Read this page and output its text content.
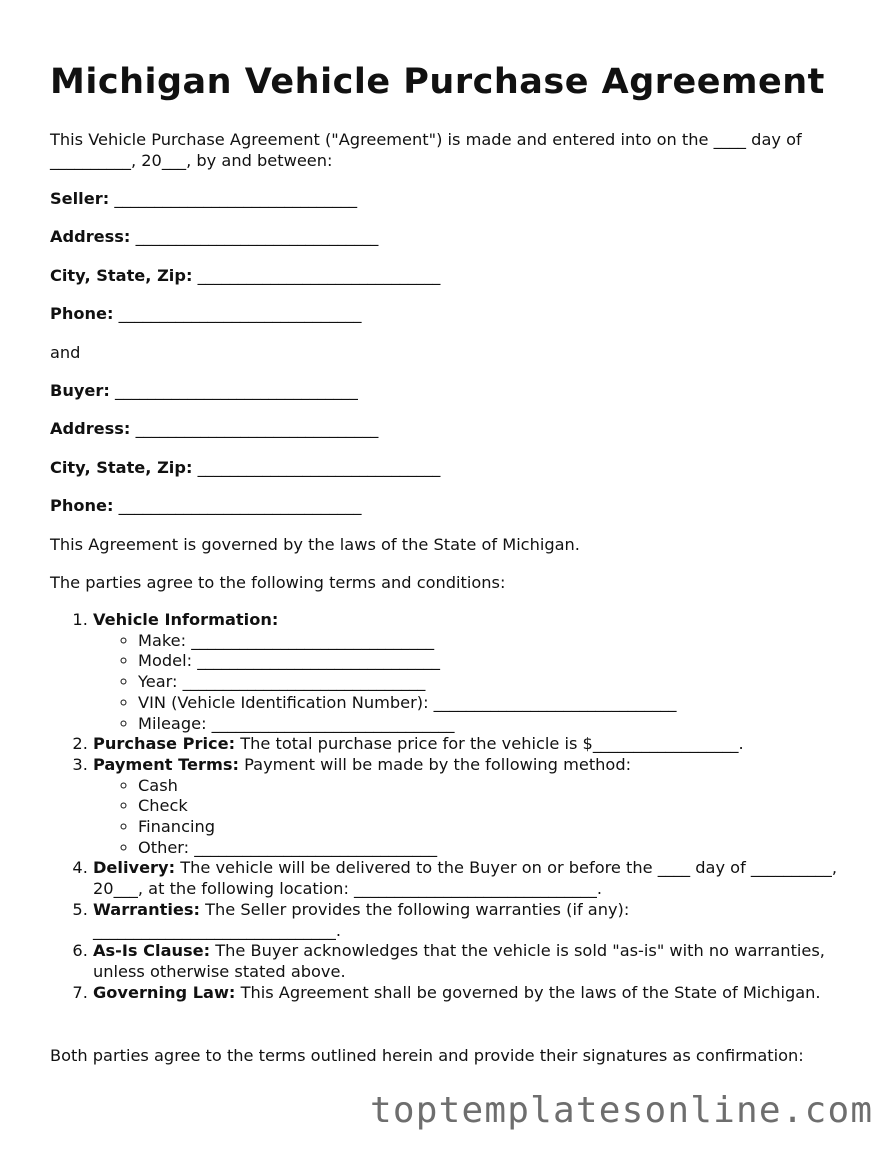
Michigan Vehicle Purchase Agreement

This Vehicle Purchase Agreement ("Agreement") is made and entered into on the ____ day of __________, 20___, by and between:

Seller: ______________________________

Address: ______________________________

City, State, Zip: ______________________________

Phone: ______________________________

and

Buyer: ______________________________

Address: ______________________________

City, State, Zip: ______________________________

Phone: ______________________________

This Agreement is governed by the laws of the State of Michigan.

The parties agree to the following terms and conditions:

1. Vehicle Information:
◦ Make: ______________________________
◦ Model: ______________________________
◦ Year: ______________________________
◦ VIN (Vehicle Identification Number): ______________________________
◦ Mileage: ______________________________
2. Purchase Price: The total purchase price for the vehicle is $__________________.
3. Payment Terms: Payment will be made by the following method:
◦ Cash
◦ Check
◦ Financing
◦ Other: ______________________________
4. Delivery: The vehicle will be delivered to the Buyer on or before the ____ day of __________, 20___, at the following location: ______________________________.
5. Warranties: The Seller provides the following warranties (if any): ______________________________.
6. As-Is Clause: The Buyer acknowledges that the vehicle is sold "as-is" with no warranties, unless otherwise stated above.
7. Governing Law: This Agreement shall be governed by the laws of the State of Michigan.

Both parties agree to the terms outlined herein and provide their signatures as confirmation:

toptemplatesonline.com
